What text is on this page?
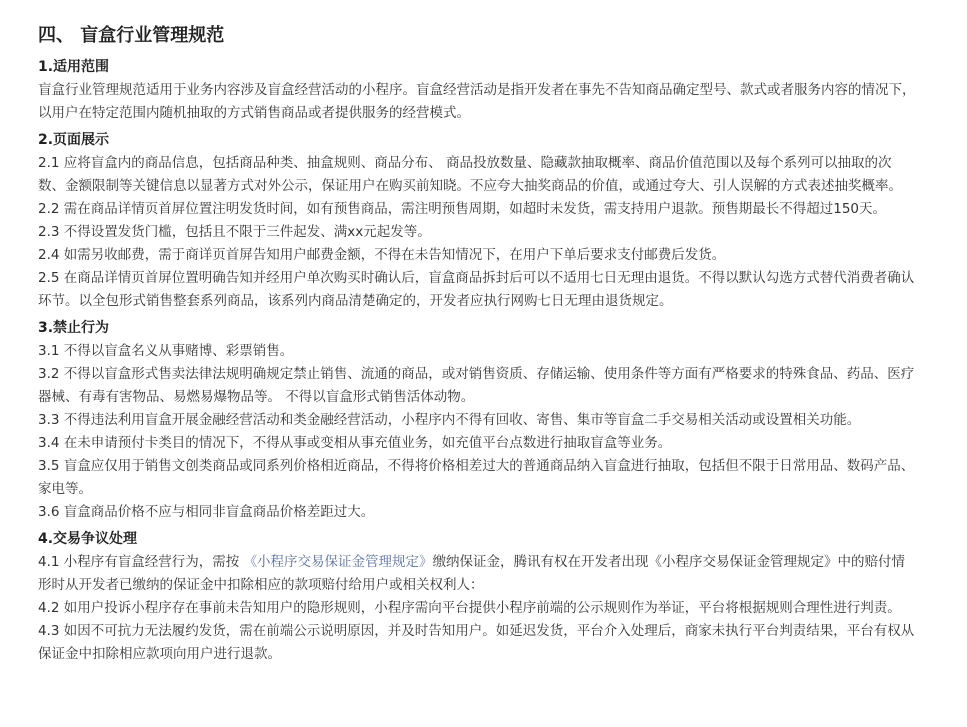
四、 盲盒行业管理规范
1.适用范围
盲盒行业管理规范适用于业务内容涉及盲盒经营活动的小程序。盲盒经营活动是指开发者在事先不告知商品确定型号、款式或者服务内容的情况下，以用户在特定范围内随机抽取的方式销售商品或者提供服务的经营模式。
2.页面展示
2.1 应将盲盒内的商品信息，包括商品种类、抽盒规则、商品分布、 商品投放数量、隐藏款抽取概率、商品价值范围以及每个系列可以抽取的次数、金额限制等关键信息以显著方式对外公示，保证用户在购买前知晓。不应夸大抽奖商品的价值，或通过夸大、引人误解的方式表述抽奖概率。
2.2 需在商品详情页首屏位置注明发货时间，如有预售商品，需注明预售周期，如超时未发货，需支持用户退款。预售期最长不得超过150天。
2.3 不得设置发货门槛，包括且不限于三件起发、满xx元起发等。
2.4 如需另收邮费，需于商详页首屏告知用户邮费金额，不得在未告知情况下，在用户下单后要求支付邮费后发货。
2.5 在商品详情页首屏位置明确告知并经用户单次购买时确认后，盲盒商品拆封后可以不适用七日无理由退货。不得以默认勾选方式替代消费者确认环节。以全包形式销售整套系列商品，该系列内商品清楚确定的，开发者应执行网购七日无理由退货规定。
3.禁止行为
3.1 不得以盲盒名义从事赌博、彩票销售。
3.2 不得以盲盒形式售卖法律法规明确规定禁止销售、流通的商品，或对销售资质、存储运输、使用条件等方面有严格要求的特殊食品、药品、医疗器械、有毒有害物品、易燃易爆物品等。 不得以盲盒形式销售活体动物。
3.3 不得违法利用盲盒开展金融经营活动和类金融经营活动，小程序内不得有回收、寄售、集市等盲盒二手交易相关活动或设置相关功能。
3.4 在未申请预付卡类目的情况下，不得从事或变相从事充值业务，如充值平台点数进行抽取盲盒等业务。
3.5 盲盒应仅用于销售文创类商品或同系列价格相近商品，不得将价格相差过大的普通商品纳入盲盒进行抽取，包括但不限于日常用品、数码产品、家电等。
3.6 盲盒商品价格不应与相同非盲盒商品价格差距过大。
4.交易争议处理
4.1 小程序有盲盒经营行为，需按 《小程序交易保证金管理规定》缴纳保证金，腾讯有权在开发者出现《小程序交易保证金管理规定》中的赔付情形时从开发者已缴纳的保证金中扣除相应的款项赔付给用户或相关权利人：
4.2 如用户投诉小程序存在事前未告知用户的隐形规则，小程序需向平台提供小程序前端的公示规则作为举证，平台将根据规则合理性进行判责。
4.3 如因不可抗力无法履约发货，需在前端公示说明原因，并及时告知用户。如延迟发货，平台介入处理后，商家未执行平台判责结果，平台有权从保证金中扣除相应款项向用户进行退款。
